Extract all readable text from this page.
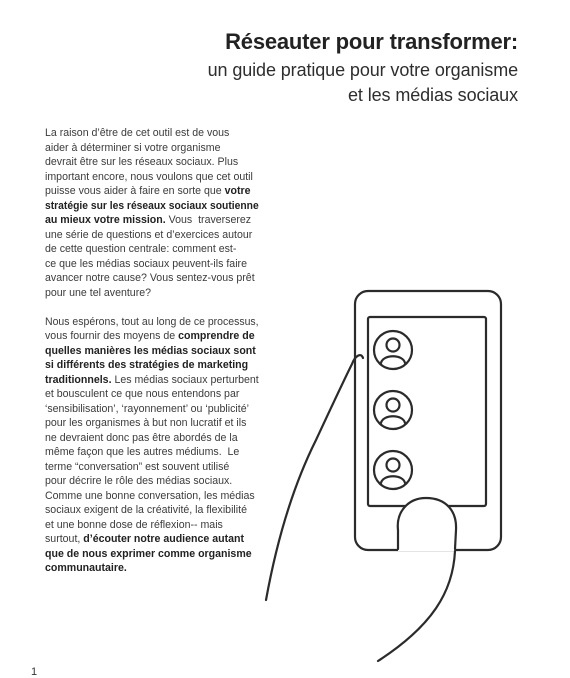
Réseauter pour transformer:
un guide pratique pour votre organisme
et les médias sociaux
La raison d’être de cet outil est de vous
aider à déterminer si votre organisme
devrait être sur les réseaux sociaux. Plus
important encore, nous voulons que cet outil
puisse vous aider à faire en sorte que votre
stratégie sur les réseaux sociaux soutienne
au mieux votre mission. Vous  traverserez
une série de questions et d’exercices autour
de cette question centrale: comment est-
ce que les médias sociaux peuvent-ils faire
avancer notre cause? Vous sentez-vous prêt
pour une tel aventure?
Nous espérons, tout au long de ce processus,
vous fournir des moyens de comprendre de
quelles manières les médias sociaux sont
si différents des stratégies de marketing
traditionnels. Les médias sociaux perturbent
et bousculent ce que nous entendons par
‘sensibilisation’, ‘rayonnement’ ou ‘publicité’
pour les organismes à but non lucratif et ils
ne devraient donc pas être abordés de la
même façon que les autres médiums.  Le
terme “conversation” est souvent utilisé
pour décrire le rôle des médias sociaux.
Comme une bonne conversation, les médias
sociaux exigent de la créativité, la flexibilité
et une bonne dose de réflexion-- mais
surtout, d’écouter notre audience autant
que de nous exprimer comme organisme
communautaire.
1
